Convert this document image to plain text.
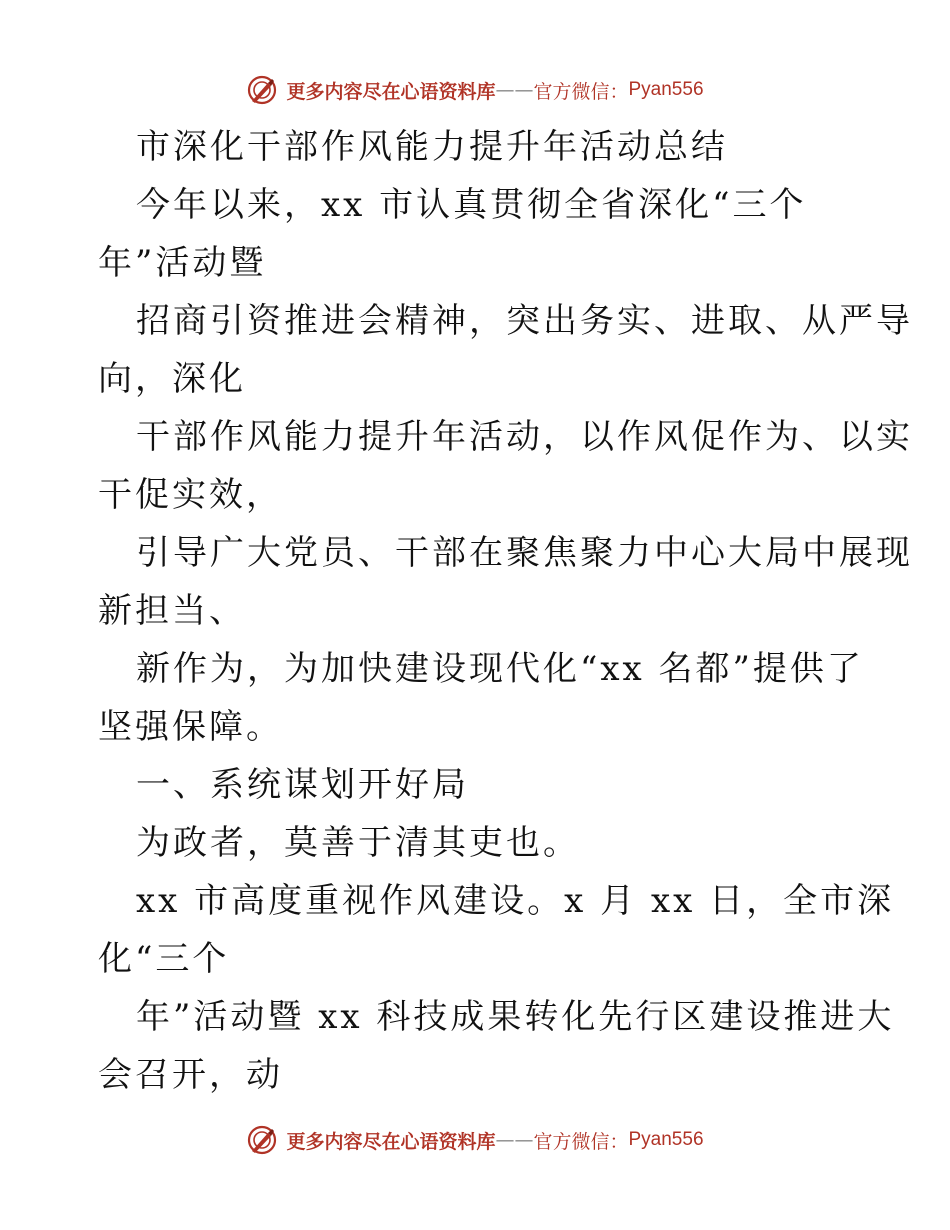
更多内容尽在心语资料库 —— 官方微信： Pyan556
市深化干部作风能力提升年活动总结
今年以来，xx 市认真贯彻全省深化“三个
年”活动暨
招商引资推进会精神，突出务实、进取、从严导
向，深化
干部作风能力提升年活动，以作风促作为、以实
干促实效，
引导广大党员、干部在聚焦聚力中心大局中展现
新担当、
新作为，为加快建设现代化“xx 名都”提供了
坚强保障。
一、系统谋划开好局
为政者，莫善于清其吏也。
xx 市高度重视作风建设。x 月 xx 日，全市深
化“三个
年”活动暨 xx 科技成果转化先行区建设推进大
会召开，动
更多内容尽在心语资料库 —— 官方微信： Pyan556
